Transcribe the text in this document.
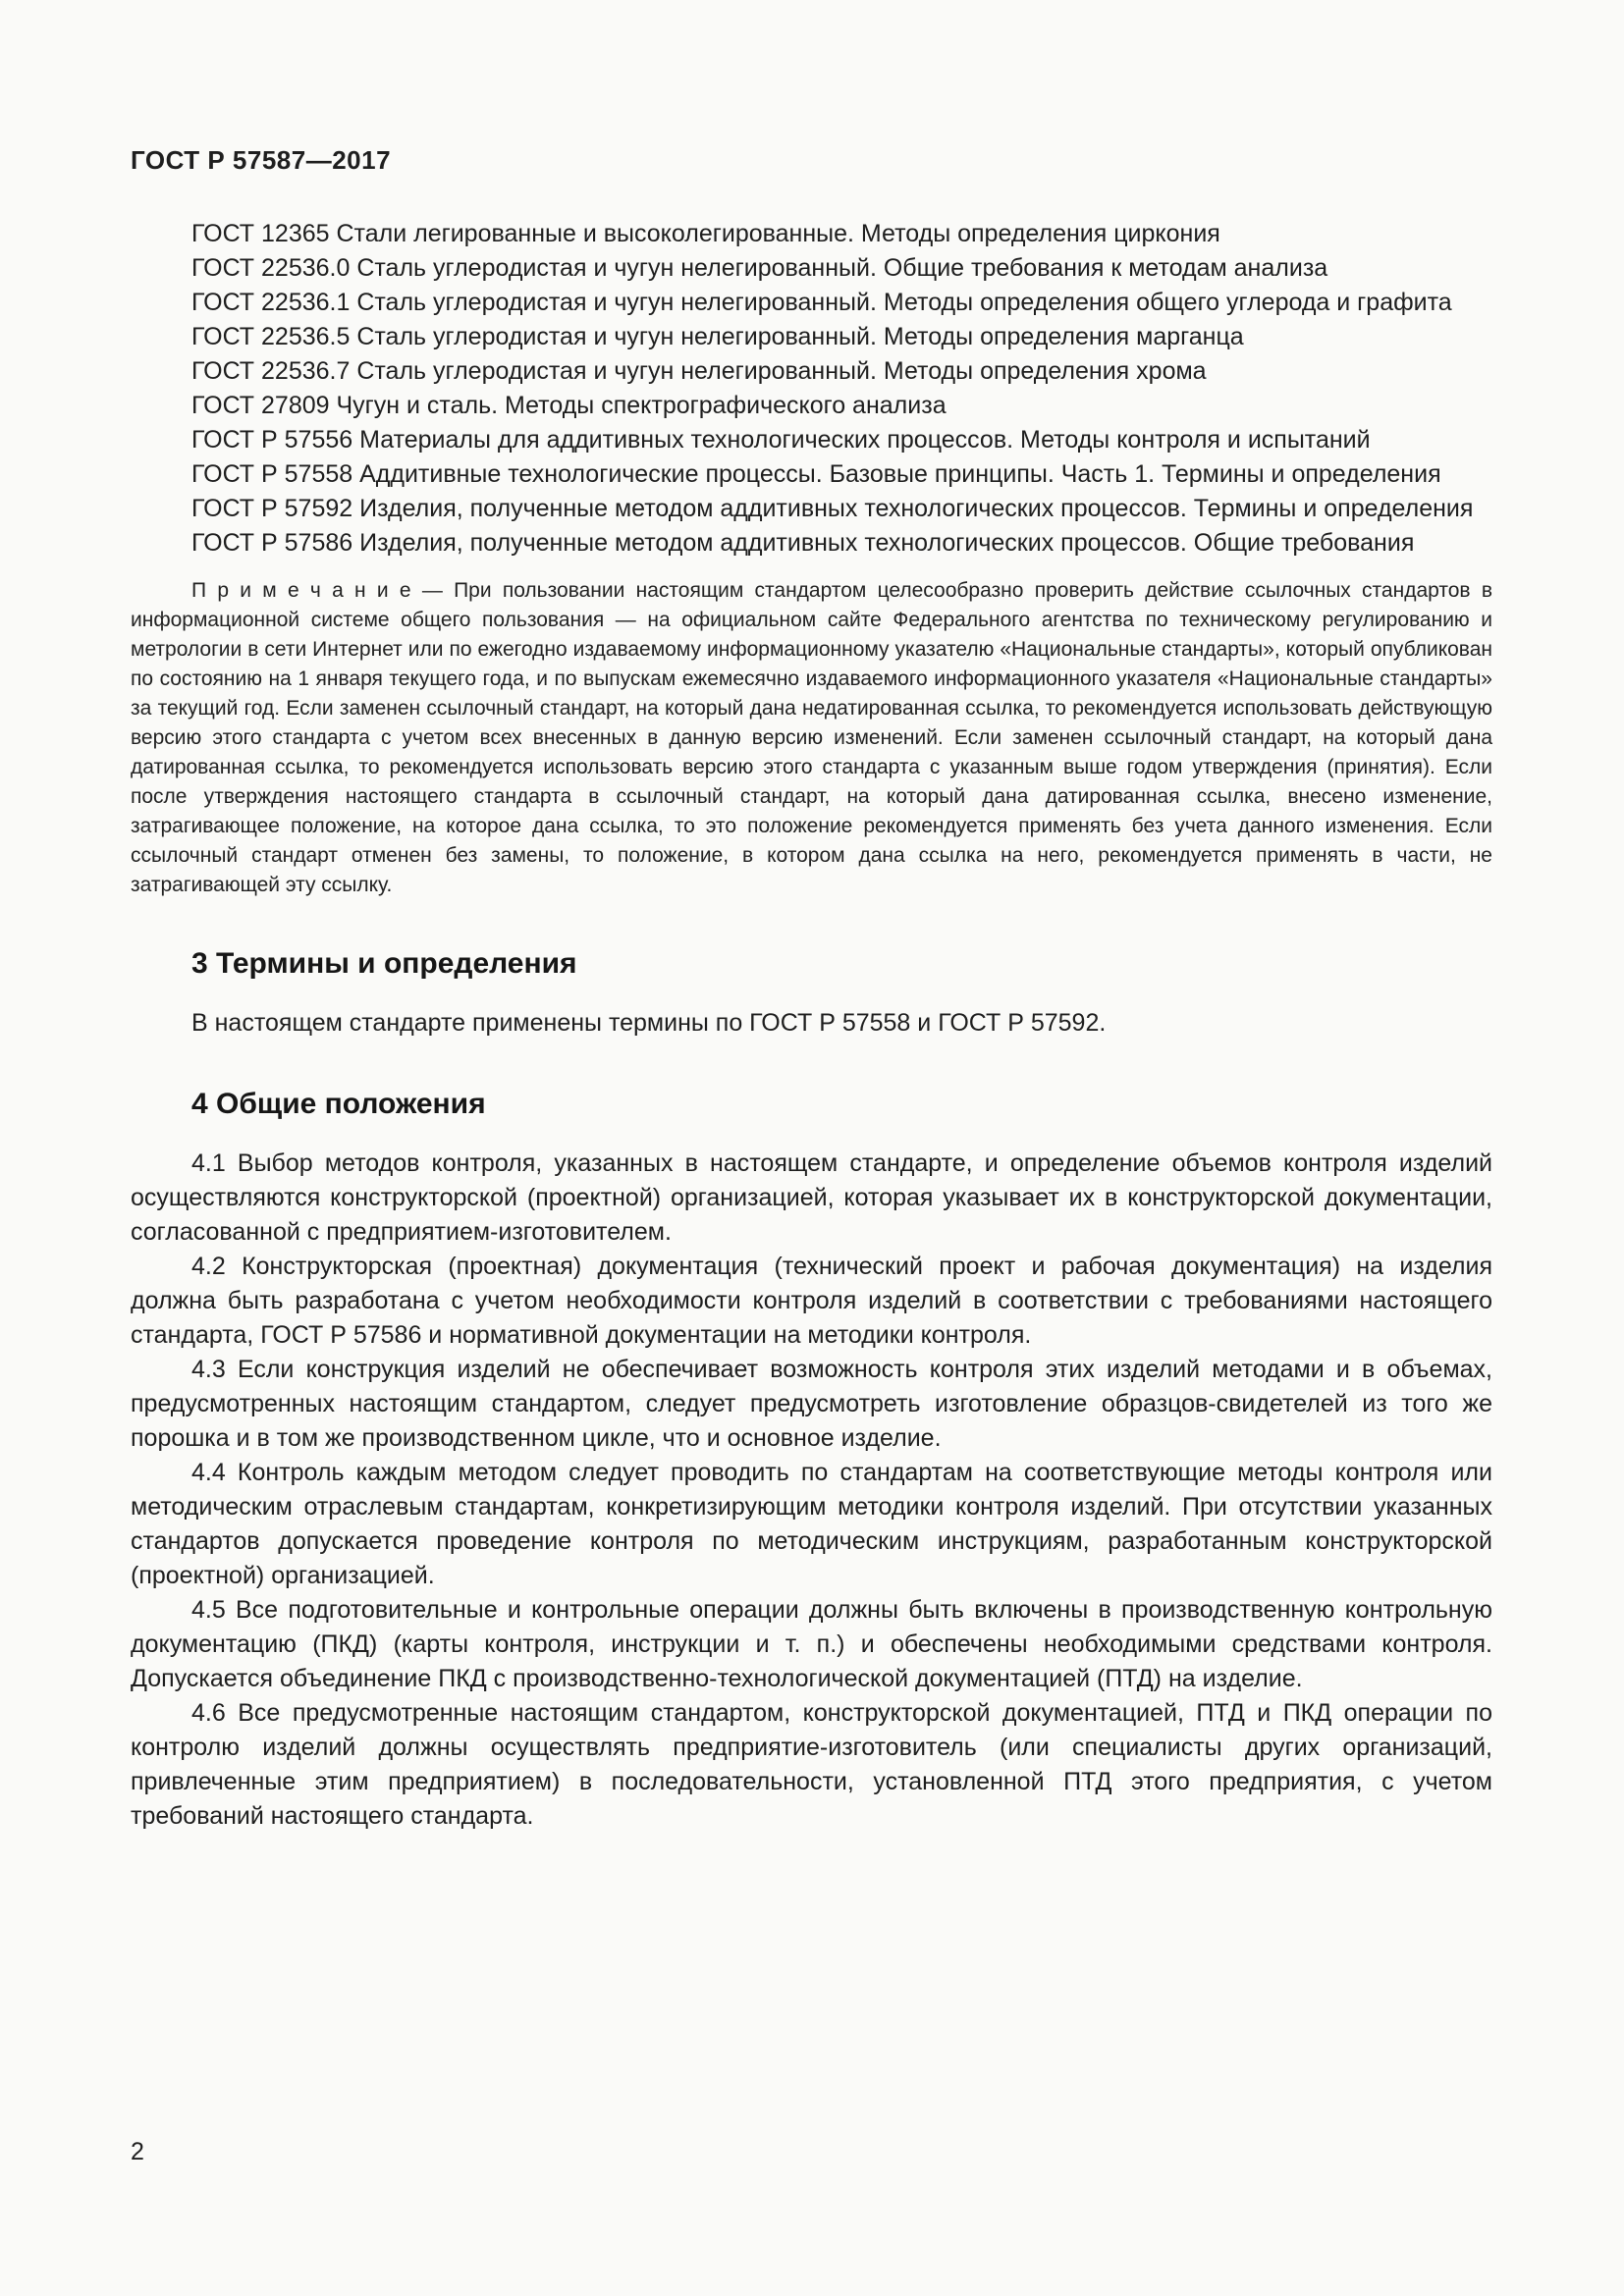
ГОСТ Р 57587—2017

ГОСТ 12365 Стали легированные и высоколегированные. Методы определения циркония

ГОСТ 22536.0 Сталь углеродистая и чугун нелегированный. Общие требования к методам анализа

ГОСТ 22536.1 Сталь углеродистая и чугун нелегированный. Методы определения общего углерода и графита

ГОСТ 22536.5 Сталь углеродистая и чугун нелегированный. Методы определения марганца

ГОСТ 22536.7 Сталь углеродистая и чугун нелегированный. Методы определения хрома

ГОСТ 27809 Чугун и сталь. Методы спектрографического анализа

ГОСТ Р 57556 Материалы для аддитивных технологических процессов. Методы контроля и испытаний

ГОСТ Р 57558 Аддитивные технологические процессы. Базовые принципы. Часть 1. Термины и определения

ГОСТ Р 57592 Изделия, полученные методом аддитивных технологических процессов. Термины и определения

ГОСТ Р 57586 Изделия, полученные методом аддитивных технологических процессов. Общие требования

П р и м е ч а н и е — При пользовании настоящим стандартом целесообразно проверить действие ссылочных стандартов в информационной системе общего пользования — на официальном сайте Федерального агентства по техническому регулированию и метрологии в сети Интернет или по ежегодно издаваемому информационному указателю «Национальные стандарты», который опубликован по состоянию на 1 января текущего года, и по выпускам ежемесячно издаваемого информационного указателя «Национальные стандарты» за текущий год. Если заменен ссылочный стандарт, на который дана недатированная ссылка, то рекомендуется использовать действующую версию этого стандарта с учетом всех внесенных в данную версию изменений. Если заменен ссылочный стандарт, на который дана датированная ссылка, то рекомендуется использовать версию этого стандарта с указанным выше годом утверждения (принятия). Если после утверждения настоящего стандарта в ссылочный стандарт, на который дана датированная ссылка, внесено изменение, затрагивающее положение, на которое дана ссылка, то это положение рекомендуется применять без учета данного изменения. Если ссылочный стандарт отменен без замены, то положение, в котором дана ссылка на него, рекомендуется применять в части, не затрагивающей эту ссылку.

3 Термины и определения

В настоящем стандарте применены термины по ГОСТ Р 57558 и ГОСТ Р 57592.

4 Общие положения

4.1 Выбор методов контроля, указанных в настоящем стандарте, и определение объемов контроля изделий осуществляются конструкторской (проектной) организацией, которая указывает их в конструкторской документации, согласованной с предприятием-изготовителем.

4.2 Конструкторская (проектная) документация (технический проект и рабочая документация) на изделия должна быть разработана с учетом необходимости контроля изделий в соответствии с требованиями настоящего стандарта, ГОСТ Р 57586 и нормативной документации на методики контроля.

4.3 Если конструкция изделий не обеспечивает возможность контроля этих изделий методами и в объемах, предусмотренных настоящим стандартом, следует предусмотреть изготовление образцов-свидетелей из того же порошка и в том же производственном цикле, что и основное изделие.

4.4 Контроль каждым методом следует проводить по стандартам на соответствующие методы контроля или методическим отраслевым стандартам, конкретизирующим методики контроля изделий. При отсутствии указанных стандартов допускается проведение контроля по методическим инструкциям, разработанным конструкторской (проектной) организацией.

4.5 Все подготовительные и контрольные операции должны быть включены в производственную контрольную документацию (ПКД) (карты контроля, инструкции и т. п.) и обеспечены необходимыми средствами контроля. Допускается объединение ПКД с производственно-технологической документацией (ПТД) на изделие.

4.6 Все предусмотренные настоящим стандартом, конструкторской документацией, ПТД и ПКД операции по контролю изделий должны осуществлять предприятие-изготовитель (или специалисты других организаций, привлеченные этим предприятием) в последовательности, установленной ПТД этого предприятия, с учетом требований настоящего стандарта.

2
